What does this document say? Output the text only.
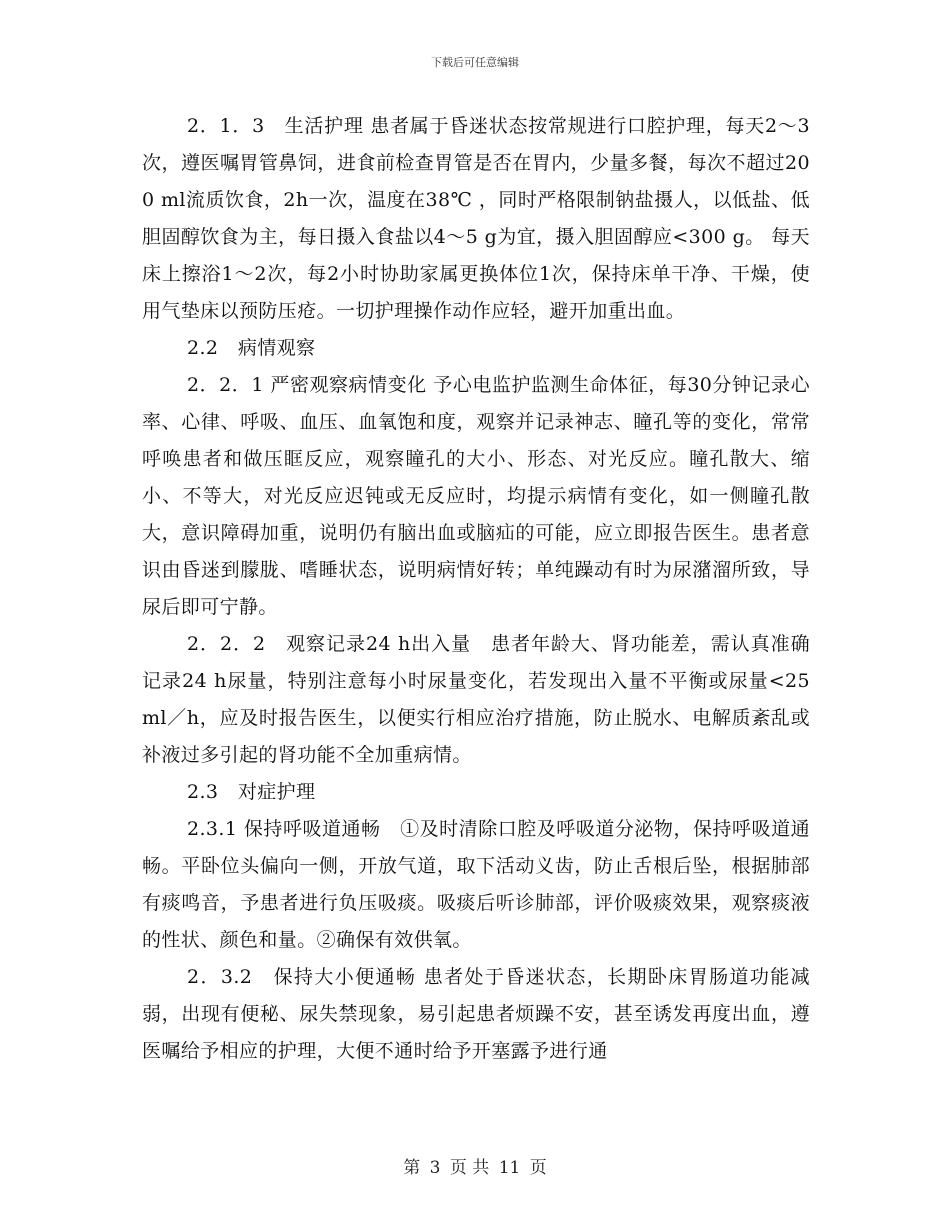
下载后可任意编辑

2．1．3　生活护理 患者属于昏迷状态按常规进行口腔护理，每天2～3次，遵医嘱胃管鼻饲，进食前检查胃管是否在胃内，少量多餐，每次不超过200 ml流质饮食，2h一次，温度在38℃ ，同时严格限制钠盐摄人，以低盐、低胆固醇饮食为主，每日摄入食盐以4～5 g为宜，摄入胆固醇应<300 g。 每天床上擦浴1～2次，每2小时协助家属更换体位1次，保持床单干净、干燥，使用气垫床以预防压疮。一切护理操作动作应轻，避开加重出血。

2.2　病情观察

2．2．1 严密观察病情变化 予心电监护监测生命体征，每30分钟记录心率、心律、呼吸、血压、血氧饱和度，观察并记录神志、瞳孔等的变化，常常呼唤患者和做压眶反应，观察瞳孔的大小、形态、对光反应。瞳孔散大、缩小、不等大，对光反应迟钝或无反应时，均提示病情有变化，如一侧瞳孔散大，意识障碍加重，说明仍有脑出血或脑疝的可能，应立即报告医生。患者意识由昏迷到朦胧、嗜睡状态，说明病情好转；单纯躁动有时为尿潴溜所致，导尿后即可宁静。

2．2．2　观察记录24 h出入量　患者年龄大、肾功能差，需认真准确记录24 h尿量，特别注意每小时尿量变化，若发现出入量不平衡或尿量<25 ml／h，应及时报告医生，以便实行相应治疗措施，防止脱水、电解质紊乱或补液过多引起的肾功能不全加重病情。

2.3　对症护理

2.3.1 保持呼吸道通畅　①及时清除口腔及呼吸道分泌物，保持呼吸道通畅。平卧位头偏向一侧，开放气道，取下活动义齿，防止舌根后坠，根据肺部有痰鸣音，予患者进行负压吸痰。吸痰后听诊肺部，评价吸痰效果，观察痰液的性状、颜色和量。②确保有效供氧。

2．3.2　保持大小便通畅 患者处于昏迷状态，长期卧床胃肠道功能减弱，出现有便秘、尿失禁现象，易引起患者烦躁不安，甚至诱发再度出血，遵医嘱给予相应的护理，大便不通时给予开塞露予进行通

第 3 页 共 11 页
